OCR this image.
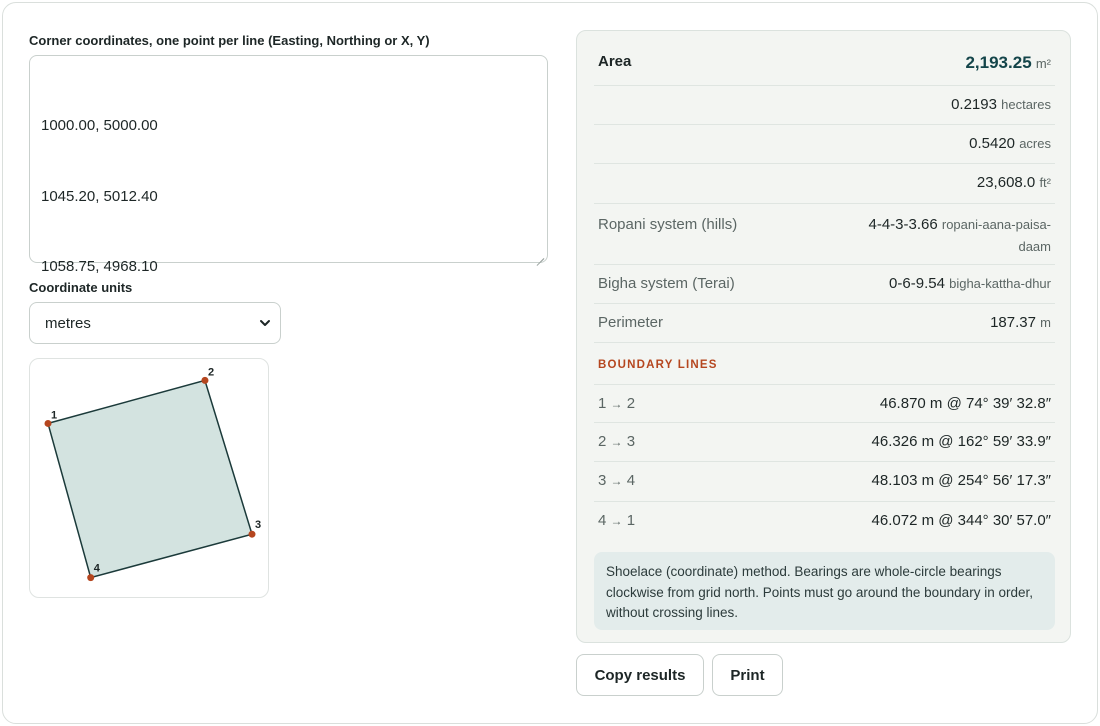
Corner coordinates, one point per line (Easting, Northing or X, Y)

1000.00, 5000.00

1045.20, 5012.40

1058.75, 4968.10

Coordinate units
metres
1
2
3
4
Area	2,193.25 m²
0.2193 hectares
0.5420 acres
23,608.0 ft²
Ropani system (hills)	4-4-3-3.66 ropani-aana-paisa-
daam
Bigha system (Terai)	0-6-9.54 bigha-kattha-dhur
Perimeter	187.37 m
BOUNDARY LINES
1 → 2	46.870 m @ 74° 39′ 32.8″
2 → 3	46.326 m @ 162° 59′ 33.9″
3 → 4	48.103 m @ 254° 56′ 17.3″
4 → 1	46.072 m @ 344° 30′ 57.0″
Shoelace (coordinate) method. Bearings are whole-circle bearings clockwise from grid north. Points must go around the boundary in order, without crossing lines.
Copy results	Print
